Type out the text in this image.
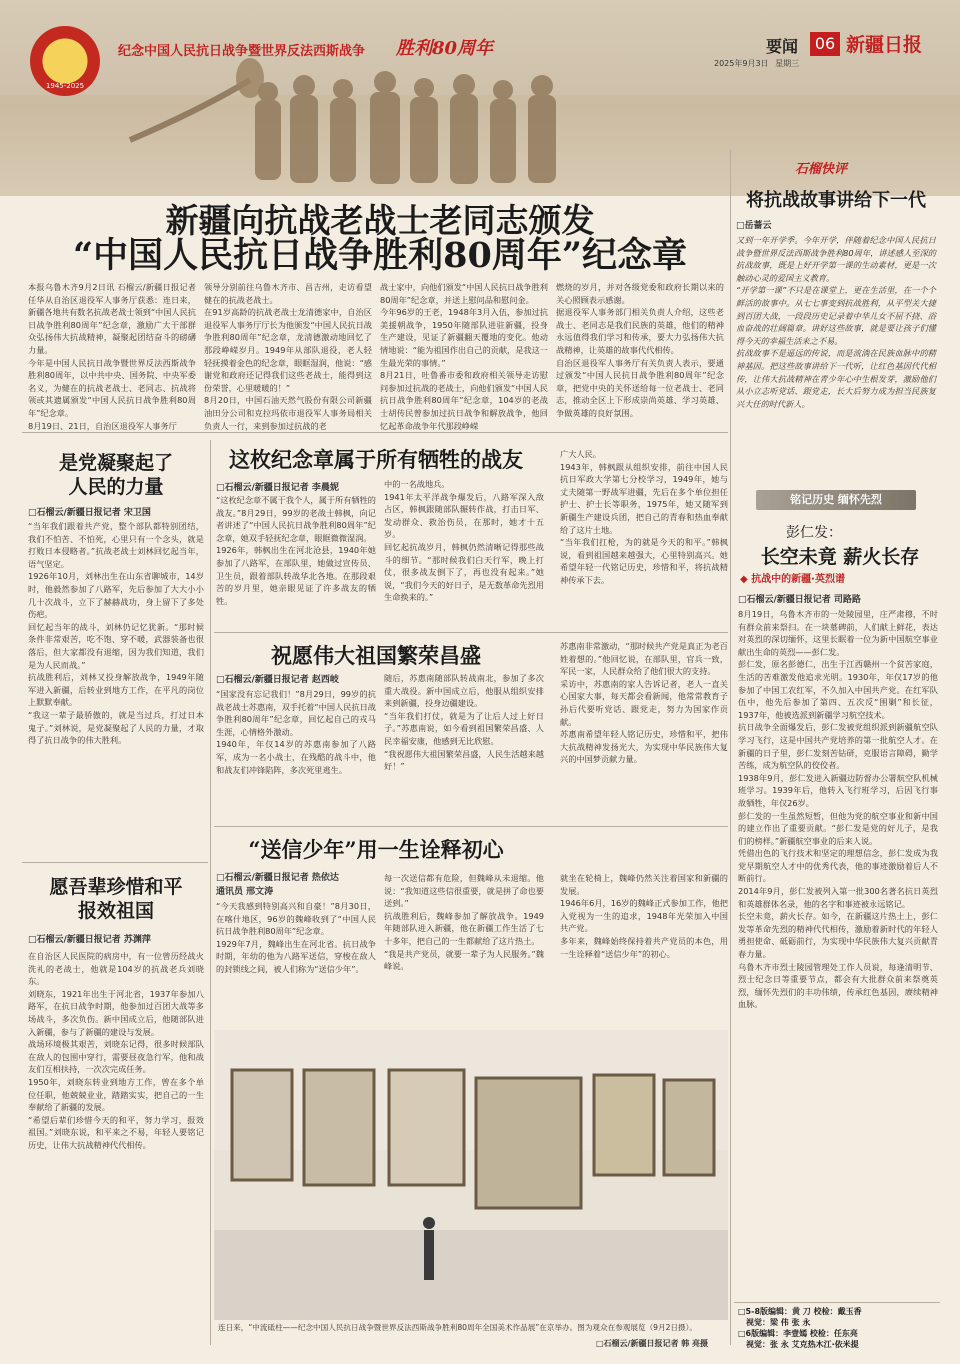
1945-2025
纪念中国人民抗日战争暨世界反法西斯战争 胜利80周年	要闻	06 新疆日报
2025年9月3日 星期三
新疆向抗战老战士老同志颁发
“中国人民抗日战争胜利80周年”纪念章
本报乌鲁木齐9月2日讯 石榴云/新疆日报记者任华从自治区退役军人事务厅获悉：连日来，新疆各地共有数名抗战老战士领到“中国人民抗日战争胜利80周年”纪念章，激励广大干部群众弘扬伟大抗战精神，凝聚起团结奋斗的磅礴力量。
今年是中国人民抗日战争暨世界反法西斯战争胜利80周年，以中共中央、国务院、中央军委名义，为健在的抗战老战士、老同志、抗战将领或其遗属颁发“中国人民抗日战争胜利80周年”纪念章。
8月19日、21日，自治区退役军人事务厅
领导分别前往乌鲁木齐市、昌吉州，走访看望健在的抗战老战士。
在91岁高龄的抗战老战士龙清德家中，自治区退役军人事务厅厅长为他颁发“中国人民抗日战争胜利80周年”纪念章，龙清德激动地回忆了那段峥嵘岁月。1949年从部队退役，老人轻轻抚摸着金色的纪念章，眼眶湿润，他说：“感谢党和政府还记得我们这些老战士，能得到这份荣誉，心里暖暖的！”
8月20日，中国石油天然气股份有限公司新疆油田分公司和克拉玛依市退役军人事务局相关负责人一行，来到参加过抗战的老
战士家中，向他们颁发“中国人民抗日战争胜利80周年”纪念章，并送上慰问品和慰问金。
今年96岁的王老，1948年3月入伍，参加过抗美援朝战争，1950年随部队进驻新疆，投身生产建设，见证了新疆翻天覆地的变化。他动情地说：“能为祖国作出自己的贡献，是我这一生最光荣的事情。”
8月21日，吐鲁番市委和政府相关领导走访慰问参加过抗战的老战士，向他们颁发“中国人民抗日战争胜利80周年”纪念章，104岁的老战士胡传民曾参加过抗日战争和解放战争，他回忆起革命战争年代那段峥嵘
燃烧的岁月，并对各级党委和政府长期以来的关心照顾表示感谢。
据退役军人事务部门相关负责人介绍，这些老战士、老同志是我们民族的英雄，他们的精神永远值得我们学习和传承，要大力弘扬伟大抗战精神，让英雄的故事代代相传。
自治区退役军人事务厅有关负责人表示，要通过颁发“中国人民抗日战争胜利80周年”纪念章，把党中央的关怀送给每一位老战士、老同志，推动全区上下形成崇尚英雄、学习英雄、争做英雄的良好氛围。
石榴快评
将抗战故事讲给下一代
□岳蔷云
又到一年开学季。今年开学，伴随着纪念中国人民抗日战争暨世界反法西斯战争胜利80周年，讲述感人至深的抗战故事，既是上好开学第一课的生动素材，更是一次触动心灵的爱国主义教育。
“开学第一课”不只是在课堂上，更在生活里，在一个个鲜活的故事中。从七七事变到抗战胜利，从平型关大捷到百团大战，一段段历史记录着中华儿女不屈不挠、浴血奋战的壮阔篇章。讲好这些故事，就是要让孩子们懂得今天的幸福生活来之不易。
抗战故事不是遥远的传说，而是流淌在民族血脉中的精神基因。把这些故事讲给下一代听，让红色基因代代相传，让伟大抗战精神在青少年心中生根发芽，激励他们从小立志听党话、跟党走，长大后努力成为担当民族复兴大任的时代新人。
是党凝聚起了
人民的力量
□石榴云/新疆日报记者 宋卫国
“当年我们跟着共产党，整个部队都特别团结，我们不怕苦、不怕死，心里只有一个念头，就是打败日本侵略者。”抗战老战士刘林回忆起当年，语气坚定。
1926年10月，刘林出生在山东省聊城市，14岁时，他毅然参加了八路军，先后参加了大大小小几十次战斗，立下了赫赫战功，身上留下了多处伤疤。
回忆起当年的战斗，刘林仍记忆犹新。“那时候条件非常艰苦，吃不饱、穿不暖，武器装备也很落后，但大家都没有退缩，因为我们知道，我们是为人民而战。”
抗战胜利后，刘林又投身解放战争，1949年随军进入新疆，后转业到地方工作，在平凡的岗位上默默奉献。
“我这一辈子最骄傲的，就是当过兵，打过日本鬼子。”刘林说，是党凝聚起了人民的力量，才取得了抗日战争的伟大胜利。
愿吾辈珍惜和平
报效祖国
□石榴云/新疆日报记者 苏渊萍
在自治区人民医院的病房中，有一位曾历经战火洗礼的老战士，他就是104岁的抗战老兵刘晓东。
刘晓东，1921年出生于河北省，1937年参加八路军，在抗日战争时期，他参加过百团大战等多场战斗，多次负伤。新中国成立后，他随部队进入新疆，参与了新疆的建设与发展。
战场环境极其艰苦，刘晓东记得，很多时候部队在敌人的包围中穿行，需要昼夜急行军，他和战友们互相扶持，一次次完成任务。
1950年，刘晓东转业到地方工作，曾在多个单位任职，他兢兢业业，踏踏实实，把自己的一生奉献给了新疆的发展。
“希望后辈们珍惜今天的和平，努力学习，报效祖国。”刘晓东说，和平来之不易，年轻人要铭记历史，让伟大抗战精神代代相传。
这枚纪念章属于所有牺牲的战友
□石榴云/新疆日报记者 李晨妮
“这枚纪念章不属于我个人，属于所有牺牲的战友。”8月29日，99岁的老战士韩枫，向记者讲述了“中国人民抗日战争胜利80周年”纪念章，她双手轻抚纪念章，眼眶微微湿润。
1926年，韩枫出生在河北沧县，1940年她参加了八路军，在部队里，她做过宣传员、卫生员，跟着部队转战华北各地。在那段艰苦的岁月里，她亲眼见证了许多战友的牺牲。
中的一名战地兵。
1941年太平洋战争爆发后，八路军深入敌占区，韩枫跟随部队辗转作战，打击日军、发动群众、救治伤员，在那时，她才十五岁。
回忆起抗战岁月，韩枫仍然清晰记得那些战斗的细节。“那时候我们白天行军，晚上打仗，很多战友倒下了，再也没有起来。”她说，“我们今天的好日子，是无数革命先烈用生命换来的。”
广大人民。
1943年，韩枫跟从组织安排，前往中国人民抗日军政大学第七分校学习，1949年，她与丈夫随第一野战军进疆，先后在多个单位担任护士、护士长等职务，1975年，她又随军到新疆生产建设兵团，把自己的青春和热血奉献给了这片土地。
“当年我们扛枪，为的就是今天的和平。”韩枫说，看到祖国越来越强大，心里特别高兴。她希望年轻一代铭记历史，珍惜和平，将抗战精神传承下去。
祝愿伟大祖国繁荣昌盛
□石榴云/新疆日报记者 赵西岐
“国家没有忘记我们！”8月29日，99岁的抗战老战士苏惠南，双手托着“中国人民抗日战争胜利80周年”纪念章，回忆起自己的戎马生涯，心情格外激动。
1940年，年仅14岁的苏惠南参加了八路军，成为一名小战士，在残酷的战斗中，他和战友们冲锋陷阵，多次死里逃生。
随后，苏惠南随部队转战南北，参加了多次重大战役。新中国成立后，他服从组织安排来到新疆，投身边疆建设。
“当年我们打仗，就是为了让后人过上好日子。”苏惠南说，如今看到祖国繁荣昌盛、人民幸福安康，他感到无比欣慰。
“我祝愿伟大祖国繁荣昌盛，人民生活越来越好！”
苏惠南非常激动，“那时候共产党是真正为老百姓着想的。”他回忆说，在部队里，官兵一致，军民一家，人民群众给了他们很大的支持。
采访中，苏惠南的家人告诉记者，老人一直关心国家大事，每天都会看新闻，他常常教育子孙后代要听党话、跟党走，努力为国家作贡献。
苏惠南希望年轻人铭记历史，珍惜和平，把伟大抗战精神发扬光大，为实现中华民族伟大复兴的中国梦贡献力量。
“送信少年”用一生诠释初心
□石榴云/新疆日报记者 热依达
通讯员 邢文涛
“今天我感到特别高兴和自豪！”8月30日，在喀什地区，96岁的魏峰收到了“中国人民抗日战争胜利80周年”纪念章。
1929年7月，魏峰出生在河北省。抗日战争时期，年幼的他为八路军送信，穿梭在敌人的封锁线之间，被人们称为“送信少年”。
每一次送信都有危险，但魏峰从未退缩。他说：“我知道这些信很重要，就是拼了命也要送到。”
抗战胜利后，魏峰参加了解放战争。1949年随部队进入新疆，他在新疆工作生活了七十多年，把自己的一生都献给了这片热土。
“我是共产党员，就要一辈子为人民服务。”魏峰说。
就坐在轮椅上，魏峰仍然关注着国家和新疆的发展。
1946年6月，16岁的魏峰正式参加工作，他把入党视为一生的追求，1948年光荣加入中国共产党。
多年来，魏峰始终保持着共产党员的本色，用一生诠释着“送信少年”的初心。
连日来，“中流砥柱——纪念中国人民抗日战争暨世界反法西斯战争胜利80周年全国美术作品展”在京举办。图为观众在参观展览（9月2日摄）。
□石榴云/新疆日报记者 韩 亮摄
铭记历史 缅怀先烈
彭仁发：
长空未竟 薪火长存
◆ 抗战中的新疆·英烈谱
□石榴云/新疆日报记者 司路路
8月19日，乌鲁木齐市的一处陵园里，庄严肃穆，不时有群众前来祭扫。在一块墓碑前，人们献上鲜花，表达对英烈的深切缅怀，这里长眠着一位为新中国航空事业献出生命的英烈——彭仁发。
彭仁发，原名彭德仁，出生于江西赣州一个贫苦家庭，生活的苦难激发他追求光明。1930年，年仅17岁的他参加了中国工农红军，不久加入中国共产党。在红军队伍中，他先后参加了第四、五次反“围剿”和长征，1937年，他被选派到新疆学习航空技术。
抗日战争全面爆发后，彭仁发被党组织派到新疆航空队学习飞行，这是中国共产党培养的第一批航空人才。在新疆的日子里，彭仁发刻苦钻研，克服语言障碍，勤学苦练，成为航空队的佼佼者。
1938年9月，彭仁发进入新疆边防督办公署航空队机械班学习。1939年后，他转入飞行班学习，后因飞行事故牺牲，年仅26岁。
彭仁发的一生虽然短暂，但他为党的航空事业和新中国的建立作出了重要贡献。“彭仁发是党的好儿子，是我们的榜样。”新疆航空事业的后来人说。
凭借出色的飞行技术和坚定的理想信念，彭仁发成为我党早期航空人才中的优秀代表，他的事迹激励着后人不断前行。
2014年9月，彭仁发被列入第一批300名著名抗日英烈和英雄群体名录，他的名字和事迹被永远铭记。
长空未竟，薪火长存。如今，在新疆这片热土上，彭仁发等革命先烈的精神代代相传，激励着新时代的年轻人勇担使命、砥砺前行，为实现中华民族伟大复兴贡献青春力量。
乌鲁木齐市烈士陵园管理处工作人员说，每逢清明节、烈士纪念日等重要节点，都会有大批群众前来祭奠英烈，缅怀先烈们的丰功伟绩，传承红色基因，赓续精神血脉。
□5-8版编辑：黄 刀 校检：戴玉香
视觉：梁 伟 张 永
□6版编辑：李壹嫣 校检：任东亮
视觉：张 永 艾克热木江·依米提
